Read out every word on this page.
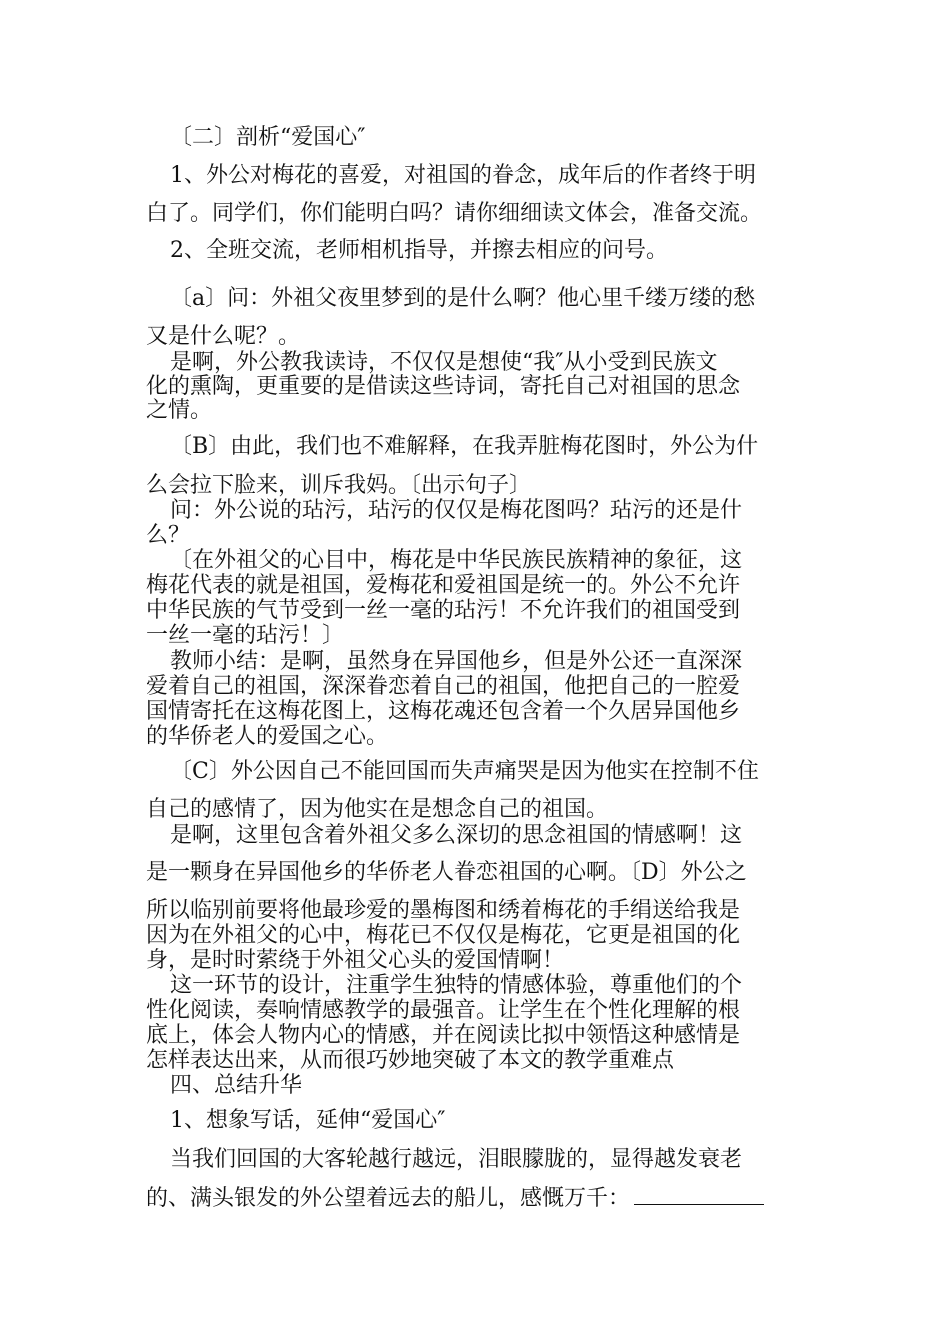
〔二〕剖析“爱国心″
1、外公对梅花的喜爱，对祖国的眷念，成年后的作者终于明
白了。同学们，你们能明白吗？请你细细读文体会，准备交流。
2、全班交流，老师相机指导，并擦去相应的问号。
〔a〕问：外祖父夜里梦到的是什么啊？他心里千缕万缕的愁
又是什么呢？。
是啊，外公教我读诗，不仅仅是想使“我″从小受到民族文
化的熏陶，更重要的是借读这些诗词，寄托自己对祖国的思念
之情。
〔B〕由此，我们也不难解释，在我弄脏梅花图时，外公为什
么会拉下脸来，训斥我妈。〔出示句子〕
问：外公说的玷污，玷污的仅仅是梅花图吗？玷污的还是什
么？
〔在外祖父的心目中，梅花是中华民族民族精神的象征，这
梅花代表的就是祖国，爱梅花和爱祖国是统一的。外公不允许
中华民族的气节受到一丝一毫的玷污！不允许我们的祖国受到
一丝一毫的玷污！〕
教师小结：是啊，虽然身在异国他乡，但是外公还一直深深
爱着自己的祖国，深深眷恋着自己的祖国，他把自己的一腔爱
国情寄托在这梅花图上，这梅花魂还包含着一个久居异国他乡
的华侨老人的爱国之心。
〔C〕外公因自己不能回国而失声痛哭是因为他实在控制不住
自己的感情了，因为他实在是想念自己的祖国。
是啊，这里包含着外祖父多么深切的思念祖国的情感啊！这
是一颗身在异国他乡的华侨老人眷恋祖国的心啊。〔D〕外公之
所以临别前要将他最珍爱的墨梅图和绣着梅花的手绢送给我是
因为在外祖父的心中，梅花已不仅仅是梅花，它更是祖国的化
身，是时时萦绕于外祖父心头的爱国情啊！
这一环节的设计，注重学生独特的情感体验，尊重他们的个
性化阅读，奏响情感教学的最强音。让学生在个性化理解的根
底上，体会人物内心的情感，并在阅读比拟中领悟这种感情是
怎样表达出来，从而很巧妙地突破了本文的教学重难点
四、总结升华
1、想象写话，延伸“爱国心″
当我们回国的大客轮越行越远，泪眼朦胧的，显得越发衰老
的、满头银发的外公望着远去的船儿，感慨万千：
